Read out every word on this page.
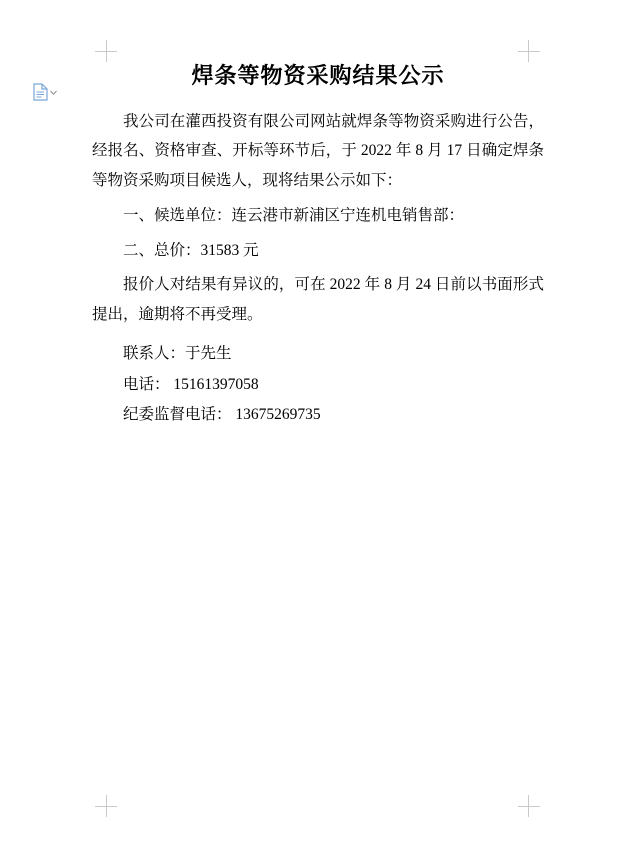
焊条等物资采购结果公示

我公司在灌西投资有限公司网站就焊条等物资采购进行公告，经报名、资格审查、开标等环节后，于 2022 年 8 月 17 日确定焊条等物资采购项目候选人，现将结果公示如下：

一、候选单位：连云港市新浦区宁连机电销售部：

二、总价：31583 元

报价人对结果有异议的，可在 2022 年 8 月 24 日前以书面形式提出，逾期将不再受理。

联系人：于先生

电话： 15161397058

纪委监督电话： 13675269735
